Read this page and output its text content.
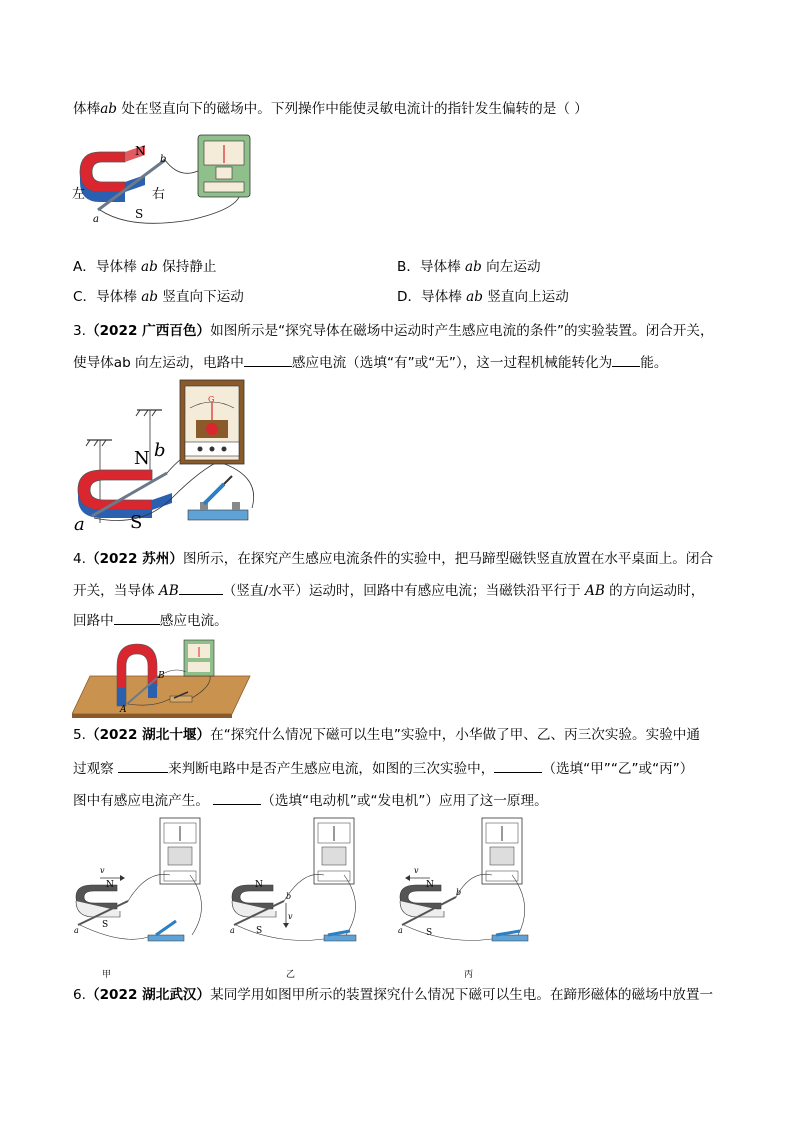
体棒ab 处在竖直向下的磁场中。下列操作中能使灵敏电流计的指针发生偏转的是（ ）
N
S
左	右
a
b
A．导体棒 ab 保持静止	B．导体棒 ab 向左运动
C．导体棒 ab 竖直向下运动	D．导体棒 ab 竖直向上运动
3.（2022 广西百色）如图所示是“探究导体在磁场中运动时产生感应电流的条件”的实验装置。闭合开关，
使导体ab 向左运动，电路中	感应电流（选填“有”或“无”），这一过程机械能转化为 能。
N
S
a
b
G
4.（2022 苏州）图所示，在探究产生感应电流条件的实验中，把马蹄型磁铁竖直放置在水平桌面上。闭合
开关，当导体 AB	（竖直/水平）运动时，回路中有感应电流；当磁铁沿平行于 AB 的方向运动时，
回路中	感应电流。
A
B
5.（2022 湖北十堰）在“探究什么情况下磁可以生电”实验中，小华做了甲、乙、丙三次实验。实验中通
过观察	来判断电路中是否产生感应电流，如图的三次实验中，	（选填“甲”“乙”或“丙”）
图中有感应电流产生。	（选填“电动机”或“发电机”）应用了这一原理。
v
N
S
a
甲
v
N
S
a
b
乙
v
N
S
a
b
丙
6.（2022 湖北武汉）某同学用如图甲所示的装置探究什么情况下磁可以生电。在蹄形磁体的磁场中放置一
